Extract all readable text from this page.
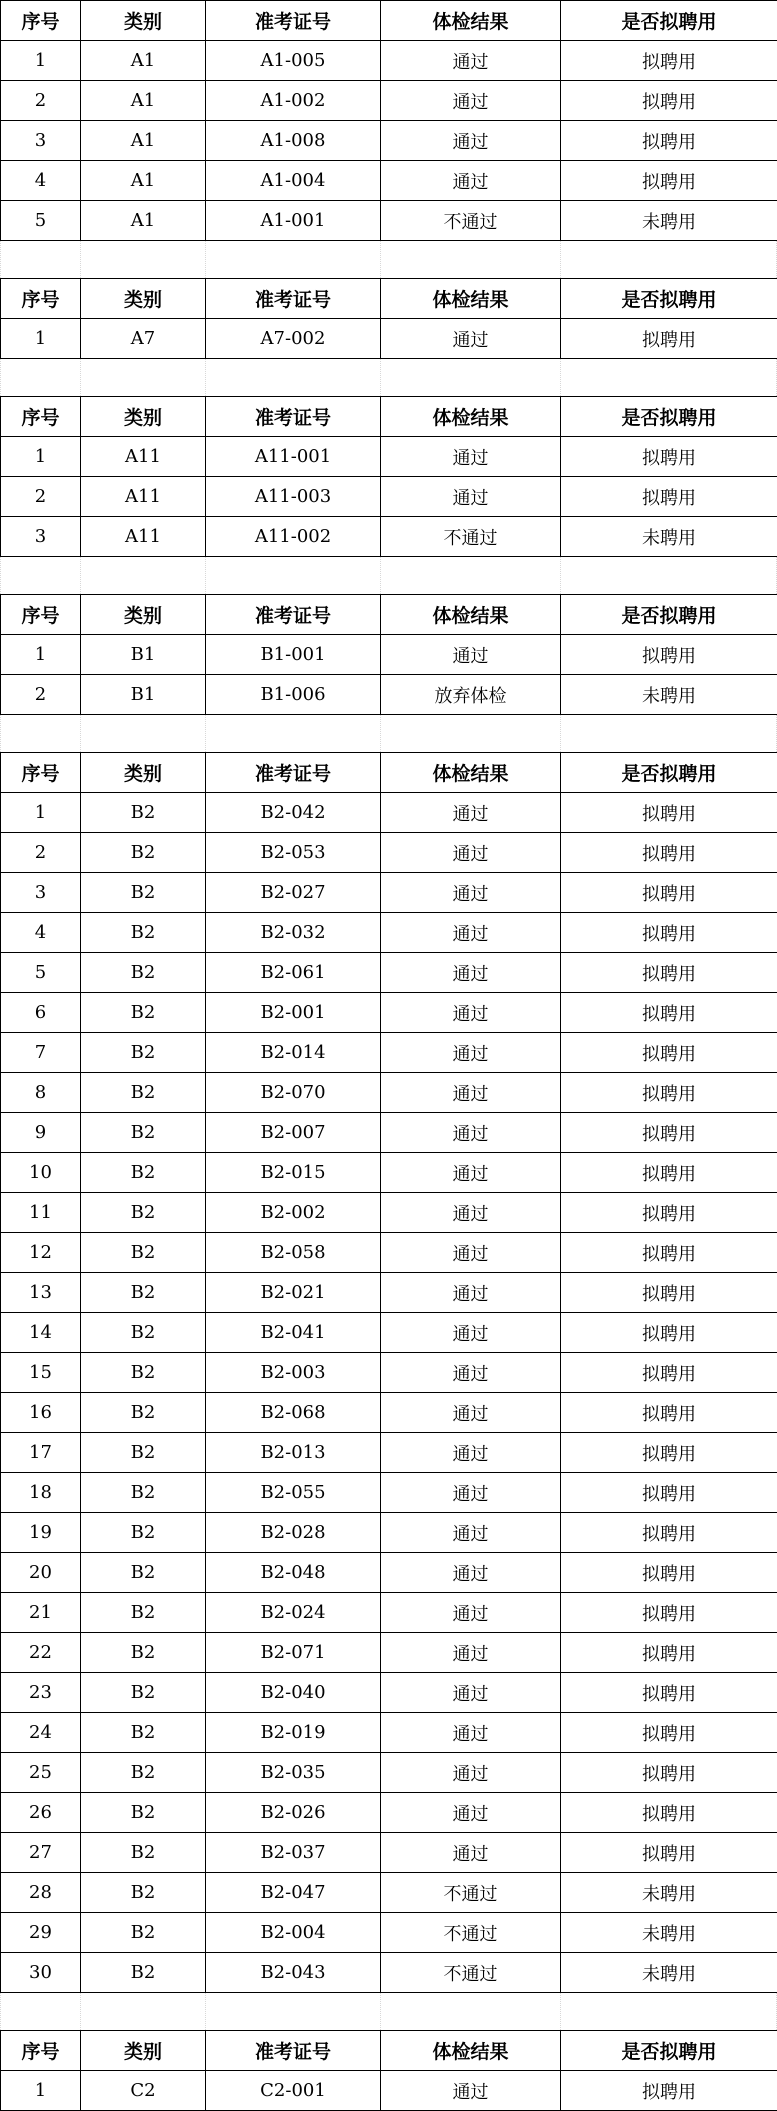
序号	类别	准考证号	体检结果	是否拟聘用
1	A1	A1-005	通过	拟聘用
2	A1	A1-002	通过	拟聘用
3	A1	A1-008	通过	拟聘用
4	A1	A1-004	通过	拟聘用
5	A1	A1-001	不通过	未聘用
序号	类别	准考证号	体检结果	是否拟聘用
1	A7	A7-002	通过	拟聘用
序号	类别	准考证号	体检结果	是否拟聘用
1	A11	A11-001	通过	拟聘用
2	A11	A11-003	通过	拟聘用
3	A11	A11-002	不通过	未聘用
序号	类别	准考证号	体检结果	是否拟聘用
1	B1	B1-001	通过	拟聘用
2	B1	B1-006	放弃体检	未聘用
序号	类别	准考证号	体检结果	是否拟聘用
1	B2	B2-042	通过	拟聘用
2	B2	B2-053	通过	拟聘用
3	B2	B2-027	通过	拟聘用
4	B2	B2-032	通过	拟聘用
5	B2	B2-061	通过	拟聘用
6	B2	B2-001	通过	拟聘用
7	B2	B2-014	通过	拟聘用
8	B2	B2-070	通过	拟聘用
9	B2	B2-007	通过	拟聘用
10	B2	B2-015	通过	拟聘用
11	B2	B2-002	通过	拟聘用
12	B2	B2-058	通过	拟聘用
13	B2	B2-021	通过	拟聘用
14	B2	B2-041	通过	拟聘用
15	B2	B2-003	通过	拟聘用
16	B2	B2-068	通过	拟聘用
17	B2	B2-013	通过	拟聘用
18	B2	B2-055	通过	拟聘用
19	B2	B2-028	通过	拟聘用
20	B2	B2-048	通过	拟聘用
21	B2	B2-024	通过	拟聘用
22	B2	B2-071	通过	拟聘用
23	B2	B2-040	通过	拟聘用
24	B2	B2-019	通过	拟聘用
25	B2	B2-035	通过	拟聘用
26	B2	B2-026	通过	拟聘用
27	B2	B2-037	通过	拟聘用
28	B2	B2-047	不通过	未聘用
29	B2	B2-004	不通过	未聘用
30	B2	B2-043	不通过	未聘用
序号	类别	准考证号	体检结果	是否拟聘用
1	C2	C2-001	通过	拟聘用
